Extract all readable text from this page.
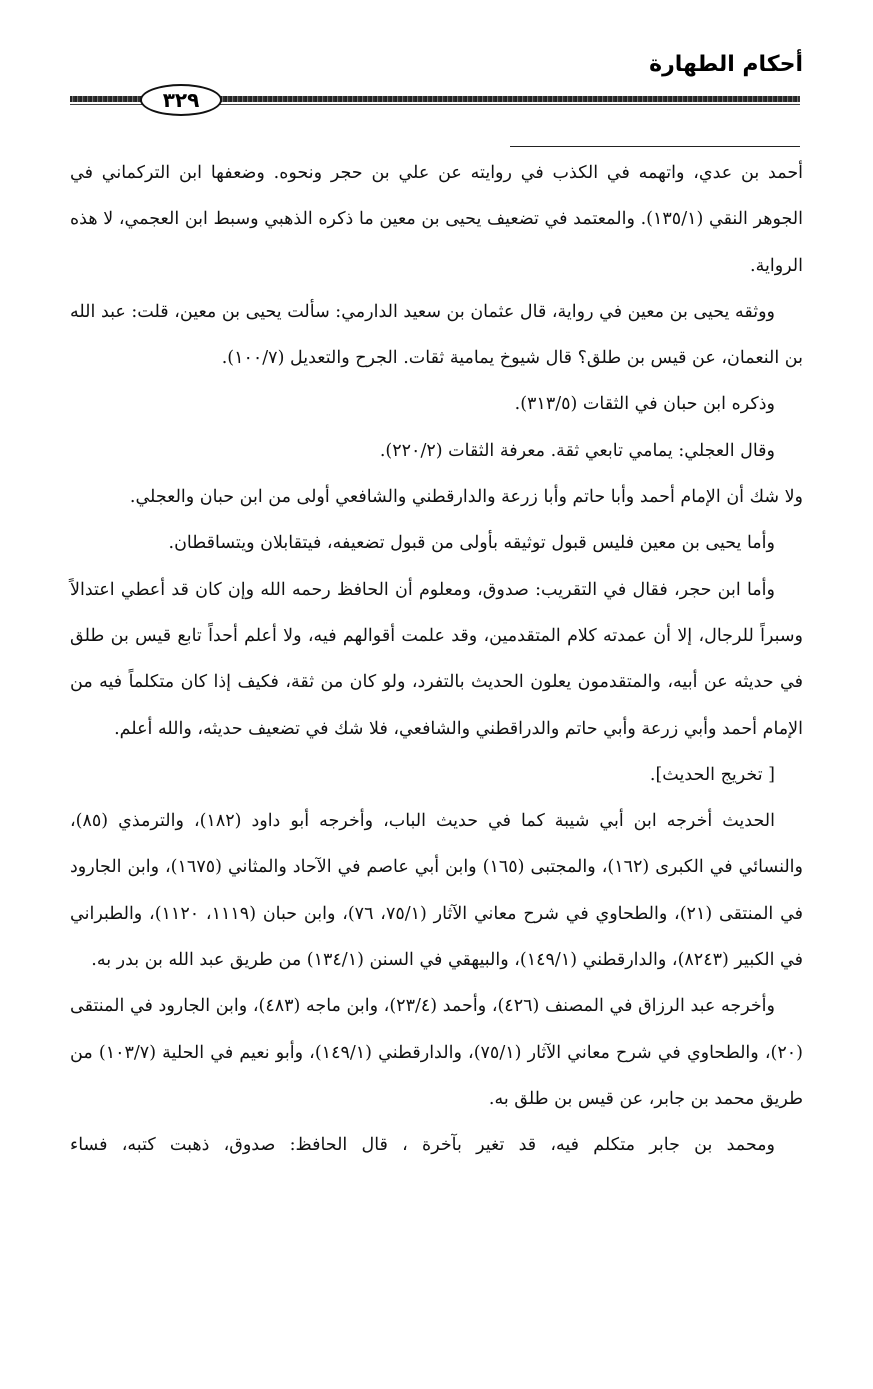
أحكام الطهارة
٣٢٩

أحمد بن عدي، واتهمه في الكذب في روايته عن علي بن حجر ونحوه. وضعفها ابن التركماني في الجوهر النقي (١٣٥/١). والمعتمد في تضعيف يحيى بن معين ما ذكره الذهبي وسبط ابن العجمي، لا هذه الرواية.

ووثقه يحيى بن معين في رواية، قال عثمان بن سعيد الدارمي: سألت يحيى بن معين، قلت: عبد الله بن النعمان، عن قيس بن طلق؟ قال شيوخ يمامية ثقات. الجرح والتعديل (١٠٠/٧).

وذكره ابن حبان في الثقات (٣١٣/٥).

وقال العجلي: يمامي تابعي ثقة. معرفة الثقات (٢٢٠/٢).

ولا شك أن الإمام أحمد وأبا حاتم وأبا زرعة والدارقطني والشافعي أولى من ابن حبان والعجلي.

وأما يحيى بن معين فليس قبول توثيقه بأولى من قبول تضعيفه، فيتقابلان ويتساقطان.

وأما ابن حجر، فقال في التقريب: صدوق، ومعلوم أن الحافظ رحمه الله وإن كان قد أعطي اعتدالاً وسبراً للرجال، إلا أن عمدته كلام المتقدمين، وقد علمت أقوالهم فيه، ولا أعلم أحداً تابع قيس بن طلق في حديثه عن أبيه، والمتقدمون يعلون الحديث بالتفرد، ولو كان من ثقة، فكيف إذا كان متكلماً فيه من الإمام أحمد وأبي زرعة وأبي حاتم والدراقطني والشافعي، فلا شك في تضعيف حديثه، والله أعلم.

[ تخريج الحديث].

الحديث أخرجه ابن أبي شيبة كما في حديث الباب، وأخرجه أبو داود (١٨٢)، والترمذي (٨٥)، والنسائي في الكبرى (١٦٢)، والمجتبى (١٦٥) وابن أبي عاصم في الآحاد والمثاني (١٦٧٥)، وابن الجارود في المنتقى (٢١)، والطحاوي في شرح معاني الآثار (٧٥/١، ٧٦)، وابن حبان (١١١٩، ١١٢٠)، والطبراني في الكبير (٨٢٤٣)، والدارقطني (١٤٩/١)، والبيهقي في السنن (١٣٤/١) من طريق عبد الله بن بدر به.

وأخرجه عبد الرزاق في المصنف (٤٢٦)، وأحمد (٢٣/٤)، وابن ماجه (٤٨٣)، وابن الجارود في المنتقى (٢٠)، والطحاوي في شرح معاني الآثار (٧٥/١)، والدارقطني (١٤٩/١)، وأبو نعيم في الحلية (١٠٣/٧) من طريق محمد بن جابر، عن قيس بن طلق به.

ومحمد بن جابر متكلم فيه، قد تغير بآخرة ، قال الحافظ: صدوق، ذهبت كتبه، فساء
